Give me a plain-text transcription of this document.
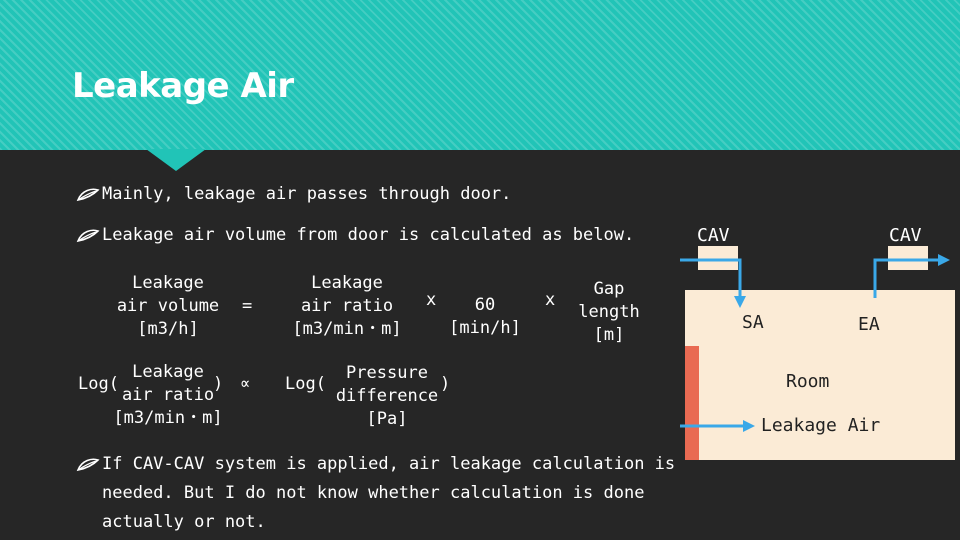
Leakage Air
Mainly, leakage air passes through door.
Leakage air volume from door is calculated as below.
Leakage
air volume
[m3/h]
=
Leakage
air ratio
[m3/min・m]
x	60
[min/h]
x
Gap
length
[m]
Log(
Leakage
air ratio
[m3/min・m]
) ∝ Log(
Pressure
difference
[Pa]
)
If CAV-CAV system is applied, air leakage calculation is needed. But I do not know whether calculation is done actually or not.
CAV	CAV
SA	EA
Room
Leakage Air
